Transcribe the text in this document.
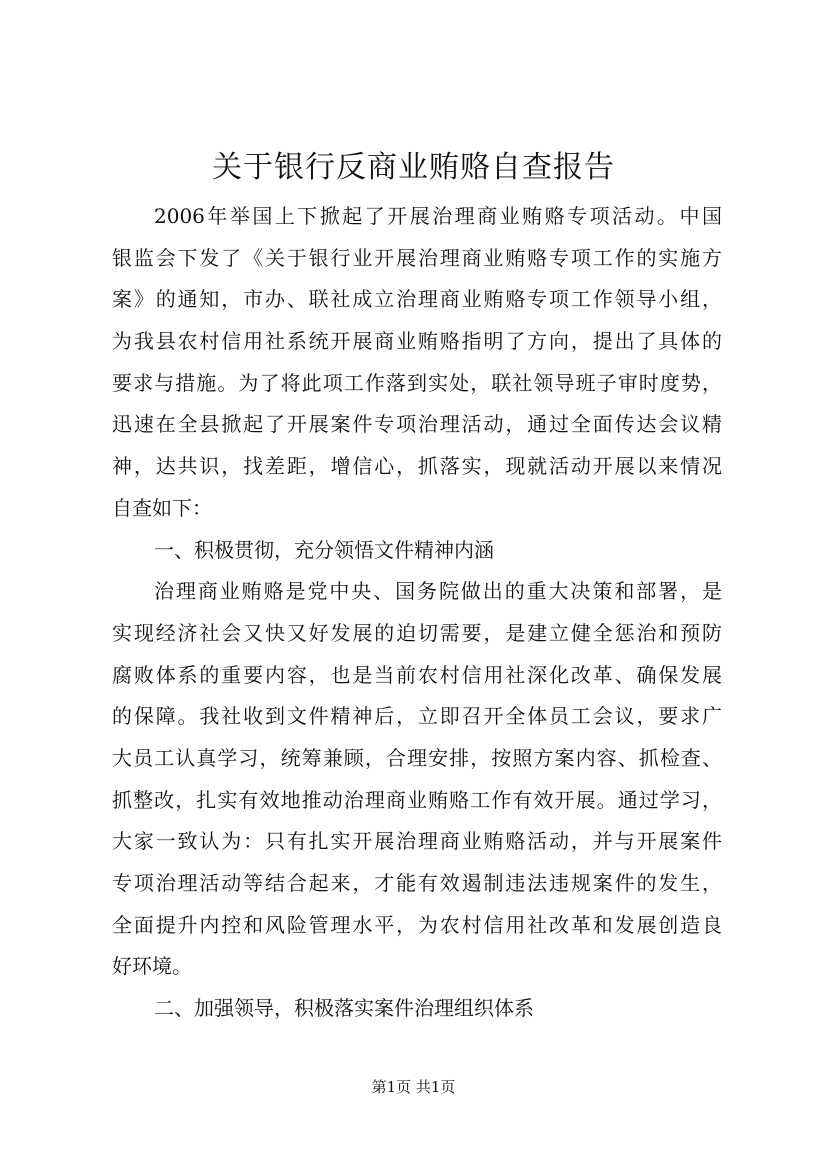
关于银行反商业贿赂自查报告
2006年举国上下掀起了开展治理商业贿赂专项活动。中国
银监会下发了《关于银行业开展治理商业贿赂专项工作的实施方
案》的通知，市办、联社成立治理商业贿赂专项工作领导小组，
为我县农村信用社系统开展商业贿赂指明了方向，提出了具体的
要求与措施。为了将此项工作落到实处，联社领导班子审时度势，
迅速在全县掀起了开展案件专项治理活动，通过全面传达会议精
神，达共识，找差距，增信心，抓落实，现就活动开展以来情况
自查如下：
一、积极贯彻，充分领悟文件精神内涵
治理商业贿赂是党中央、国务院做出的重大决策和部署，是
实现经济社会又快又好发展的迫切需要，是建立健全惩治和预防
腐败体系的重要内容，也是当前农村信用社深化改革、确保发展
的保障。我社收到文件精神后，立即召开全体员工会议，要求广
大员工认真学习，统筹兼顾，合理安排，按照方案内容、抓检查、
抓整改，扎实有效地推动治理商业贿赂工作有效开展。通过学习，
大家一致认为：只有扎实开展治理商业贿赂活动，并与开展案件
专项治理活动等结合起来，才能有效遏制违法违规案件的发生，
全面提升内控和风险管理水平，为农村信用社改革和发展创造良
好环境。
二、加强领导，积极落实案件治理组织体系
第1页 共1页
